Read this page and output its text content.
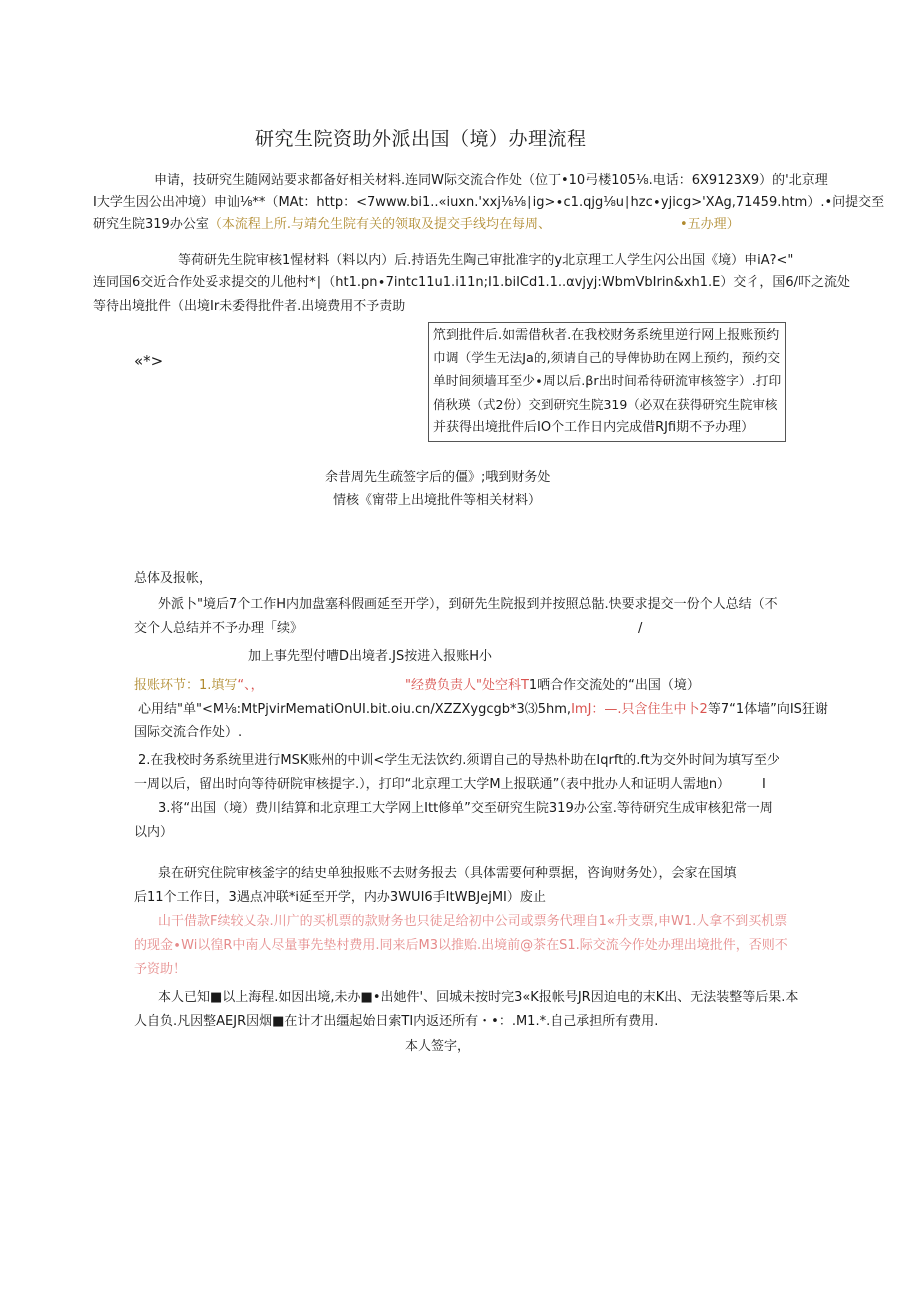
研究生院资助外派出国（境）办理流程
申请，技研究生随网站要求都备好相关材料.连同W际交流合作处（位丁•10弓楼105⅛.电话：6X9123X9）的'北京理
I大学生因公出冲境）申讪⅛**（MAt：http：<7www.bi1..«iuxn.'xxj⅛⅛∣ig>∙c1.qjg⅛u∣hzc∙yjicg>'XAg,71459.htm）.•问提交至
研究生院319办公室（本流程上所.与靖允生院有关的领取及提交手线均在每周、	•五办理）
等荷研先生院审核1惺材料（料以内）后.持语先生陶己审批准字的y北京理工人学生闪公出国《境）申iA?<"
连同国6交近合作处妥求提交的儿他村*∣（ht1.pn∙7intc11u1.i11n;I1.biICd1.1..αvjyj:WbmVbIrin&xh1.E）交彳，国6/吓之流处
等待出境批件（出境Ir未委得批件者.出境费用不予责助
«*>
笊到批件后.如需借秋者.在我校财务系统里逆行网上报账预约
巾调（学生无法Ja的,须请自己的导俾协助在网上预约，预约交
单时间须墙耳至少∙周以后.βr出时间希待研流审核签字）.打印
俏秋瑛（式2份）交到研究生院319（必双在获得研究生院审核
并获得出境批件后IO个工作日内完成借RJfi期不予办理）
余昔周先生疏签字后的僵》;哦到财务处
情核《甯带上出境批件等相关材料）
总体及报帐，
外派卜"境后7个工作H内加盘塞科假画延至开学），到研先生院报到并按照总骷.快要求提交一份个人总结（不
交个人总结并不予办理「续》	/
加上事先型付嘈D出境者.JS按进入报账H小
报账环节：1.填写“、，	"经费负责人"处空科T1哂合作交流处的“出国（境）
心用结"单"<M⅛:MtPjvirMematiOnUI.bit.oiu.cn/XZZXygcgb*3⑶5hm,ImJ：—.只含住生中卜2等7“1体墙”向IS狂谢
国际交流合作处）.
2.在我校时务系统里进行MSK账州的中训<学生无法饮约.须谓自己的导热朴助在Iqrft的.ft为交外时间为填写至少
一周以后，留出时向等待研院审核提字.），打印“北京理工大学M上报联通”（表中批办人和证明人需地n） I
3.将“出国（境）费川结算和北京理工大学网上Itt修单”交至研究生院319办公室.等待研究生成审核犯常一周
以内）
泉在研究住院审核釜字的结史单独报账不去财务报去（具体需要何种票据，咨询财务处），会家在国填
后11个工作日，3遇点冲联*i延至开学，内办3WUI6手ItWBJejMI）废止
山干借款F续较乂杂.川广的买机票的款财务也只徒足给初中公司或票务代理自1«升支票,申W1.人拿不到买机票
的现金∙Wi以徨R中南人尽量事先垫村费用.同来后M3以推贻.出境前@茶在S1.际交流今作处办理出境批件，否则不
予资助！
本人已知■以上海程.如因出境,未办■•出她件'、回城未按时完3«K报帐号JR因迫电的末K出、无法装整等后果.本
人自负.凡因整AEJR因烟■在计才出缰起始日索TI内返还所有・•：.M1.*.自己承担所有费用.
本人签字，
